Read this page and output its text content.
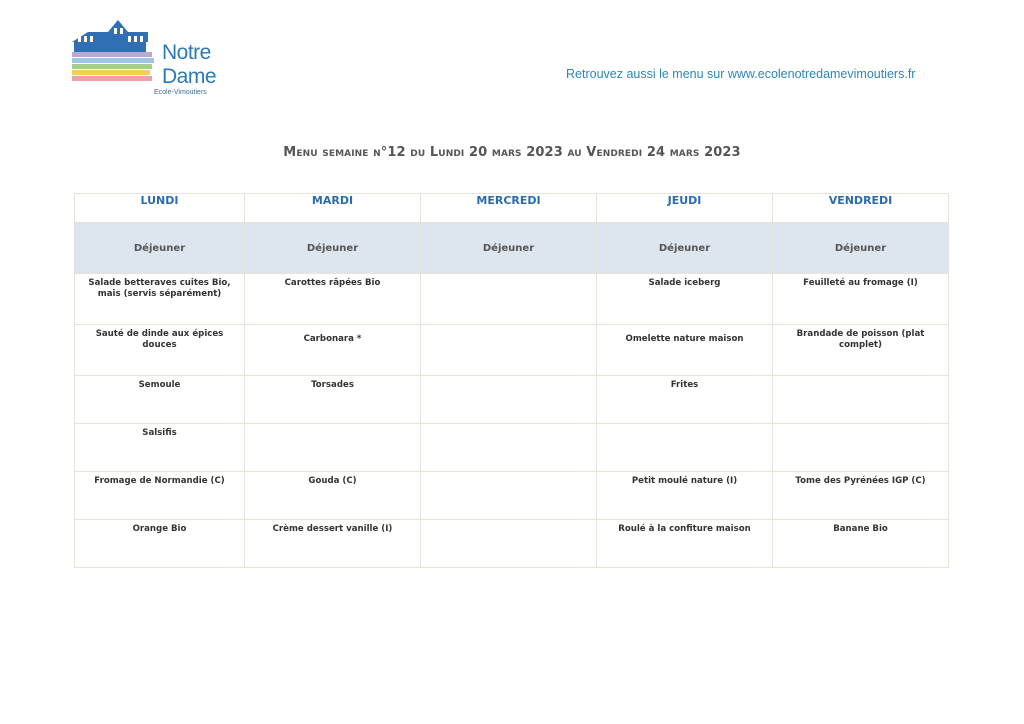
Notre
Dame
Ecole-Vimoutiers
Retrouvez aussi le menu sur www.ecolenotredamevimoutiers.fr
Menu semaine n°12 du Lundi 20 mars 2023 au Vendredi 24 mars 2023
LUNDI	MARDI	MERCREDI	JEUDI	VENDREDI
Déjeuner	Déjeuner	Déjeuner	Déjeuner	Déjeuner

Salade betteraves cuites Bio, mais (servis séparément)	Carottes râpées Bio		Salade iceberg	Feuilleté au fromage (I)

Sauté de dinde aux épices douces	Carbonara *		Omelette nature maison	Brandade de poisson (plat complet)

Semoule	Torsades		Frites	

Salsifis				

Fromage de Normandie (C)	Gouda (C)		Petit moulé nature (I)	Tome des Pyrénées IGP (C)

Orange Bio	Crème dessert vanille (I)		Roulé à la confiture maison	Banane Bio
